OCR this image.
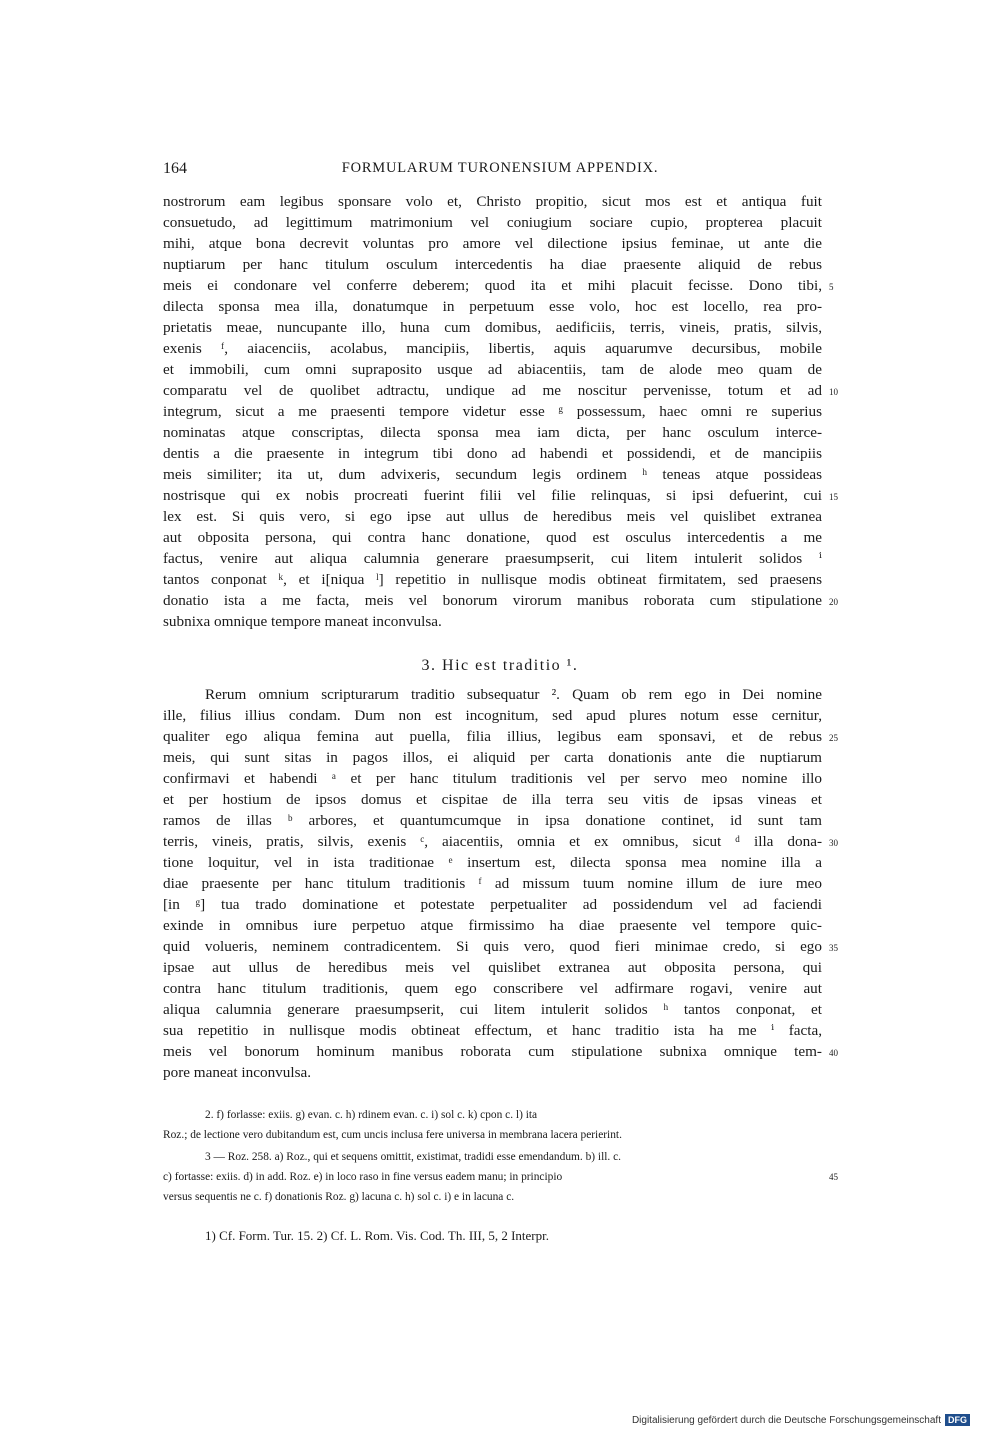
164	FORMULARUM TURONENSIUM APPENDIX.
nostrorum eam legibus sponsare volo et, Christo propitio, sicut mos est et antiqua fuit
consuetudo, ad legittimum matrimonium vel coniugium sociare cupio, propterea placuit
mihi, atque bona decrevit voluntas pro amore vel dilectione ipsius feminae, ut ante die
nuptiarum per hanc titulum osculum intercedentis ha diae praesente aliquid de rebus
meis ei condonare vel conferre deberem; quod ita et mihi placuit fecisse. Dono tibi,
dilecta sponsa mea illa, donatumque in perpetuum esse volo, hoc est locello, rea pro-
prietatis meae, nuncupante illo, huna cum domibus, aedificiis, terris, vineis, pratis, silvis,
exenis ᶠ, aiacenciis, acolabus, mancipiis, libertis, aquis aquarumve decursibus, mobile
et immobili, cum omni supraposito usque ad abiacentiis, tam de alode meo quam de
comparatu vel de quolibet adtractu, undique ad me noscitur pervenisse, totum et ad
integrum, sicut a me praesenti tempore videtur esse ᵍ possessum, haec omni re superius
nominatas atque conscriptas, dilecta sponsa mea iam dicta, per hanc osculum interce-
dentis a die praesente in integrum tibi dono ad habendi et possidendi, et de mancipiis
meis similiter; ita ut, dum advixeris, secundum legis ordinem ʰ teneas atque possideas
nostrisque qui ex nobis procreati fuerint filii vel filie relinquas, si ipsi defuerint, cui
lex est. Si quis vero, si ego ipse aut ullus de heredibus meis vel quislibet extranea
aut obposita persona, qui contra hanc donatione, quod est osculus intercedentis a me
factus, venire aut aliqua calumnia generare praesumpserit, cui litem intulerit solidos ⁱ
tantos conponat ᵏ, et i[niqua ˡ] repetitio in nullisque modis obtineat firmitatem, sed praesens
donatio ista a me facta, meis vel bonorum virorum manibus roborata cum stipulatione
subnixa omnique tempore maneat inconvulsa.
5
10
15
20
3. Hic est traditio ¹.
Rerum omnium scripturarum traditio subsequatur ². Quam ob rem ego in Dei nomine
ille, filius illius condam. Dum non est incognitum, sed apud plures notum esse cernitur,
qualiter ego aliqua femina aut puella, filia illius, legibus eam sponsavi, et de rebus
meis, qui sunt sitas in pagos illos, ei aliquid per carta donationis ante die nuptiarum
confirmavi et habendi ᵃ et per hanc titulum traditionis vel per servo meo nomine illo
et per hostium de ipsos domus et cispitae de illa terra seu vitis de ipsas vineas et
ramos de illas ᵇ arbores, et quantumcumque in ipsa donatione continet, id sunt tam
terris, vineis, pratis, silvis, exenis ᶜ, aiacentiis, omnia et ex omnibus, sicut ᵈ illa dona-
tione loquitur, vel in ista traditionae ᵉ insertum est, dilecta sponsa mea nomine illa a
diae praesente per hanc titulum traditionis ᶠ ad missum tuum nomine illum de iure meo
[in ᵍ] tua trado dominatione et potestate perpetualiter ad possidendum vel ad faciendi
exinde in omnibus iure perpetuo atque firmissimo ha diae praesente vel tempore quic-
quid volueris, neminem contradicentem. Si quis vero, quod fieri minimae credo, si ego
ipsae aut ullus de heredibus meis vel quislibet extranea aut obposita persona, qui
contra hanc titulum traditionis, quem ego conscribere vel adfirmare rogavi, venire aut
aliqua calumnia generare praesumpserit, cui litem intulerit solidos ʰ tantos conponat, et
sua repetitio in nullisque modis obtineat effectum, et hanc traditio ista ha me ⁱ facta,
meis vel bonorum hominum manibus roborata cum stipulatione subnixa omnique tem-
pore maneat inconvulsa.
25
30
35
40
2. f) forlasse: exiis. g) evan. c. h) rdinem evan. c. i) sol c. k) cpon c. l) ita
Roz.; de lectione vero dubitandum est, cum uncis inclusa fere universa in membrana lacera perierint.
3 — Roz. 258. a) Roz., qui et sequens omittit, existimat, tradidi esse emendandum. b) ill. c.
c) fortasse: exiis. d) in add. Roz. e) in loco raso in fine versus eadem manu; in principio
versus sequentis ne c. f) donationis Roz. g) lacuna c. h) sol c. i) e in lacuna c.
45
1) Cf. Form. Tur. 15. 2) Cf. L. Rom. Vis. Cod. Th. III, 5, 2 Interpr.
Digitalisierung gefördert durch die Deutsche Forschungsgemeinschaft DFG
